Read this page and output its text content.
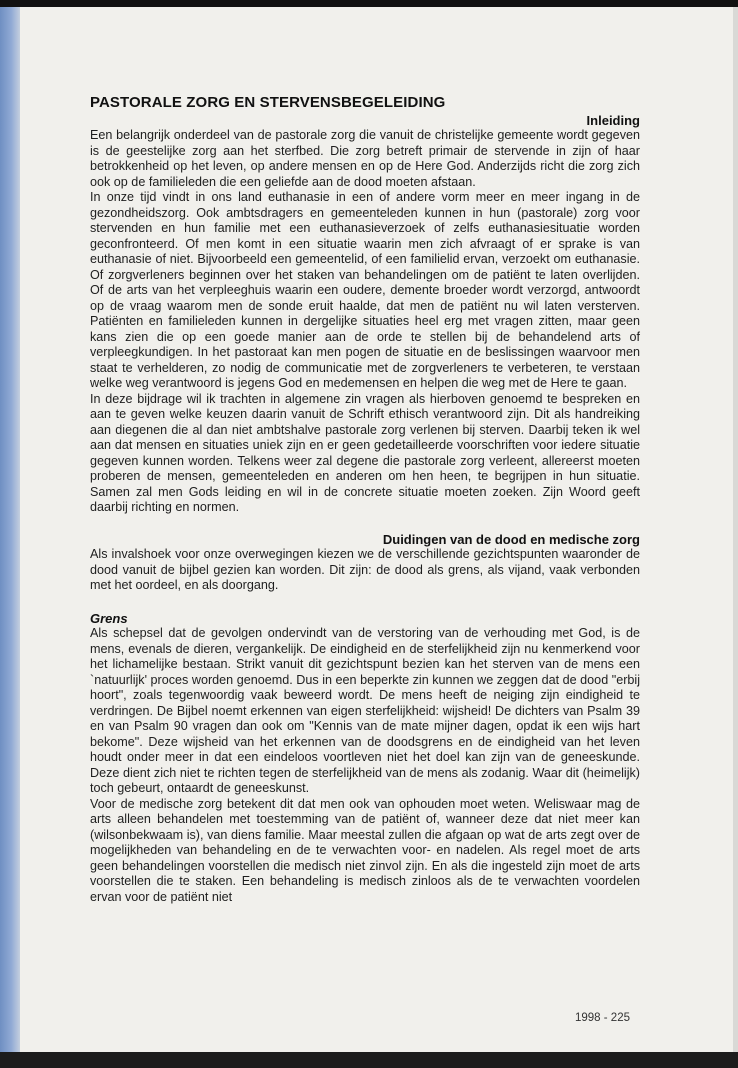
PASTORALE ZORG EN STERVENSBEGELEIDING
Inleiding

Een belangrijk onderdeel van de pastorale zorg die vanuit de christelijke gemeente wordt gegeven is de geestelijke zorg aan het sterfbed. Die zorg betreft primair de stervende in zijn of haar betrokkenheid op het leven, op andere mensen en op de Here God. Anderzijds richt die zorg zich ook op de familieleden die een geliefde aan de dood moeten afstaan.

In onze tijd vindt in ons land euthanasie in een of andere vorm meer en meer ingang in de gezondheidszorg. Ook ambtsdragers en gemeenteleden kunnen in hun (pastorale) zorg voor stervenden en hun familie met een euthanasieverzoek of zelfs euthanasiesituatie worden geconfronteerd. Of men komt in een situatie waarin men zich afvraagt of er sprake is van euthanasie of niet. Bijvoorbeeld een gemeentelid, of een familielid ervan, verzoekt om euthanasie. Of zorgverleners beginnen over het staken van behandelingen om de patiënt te laten overlijden. Of de arts van het verpleeghuis waarin een oudere, demente broeder wordt verzorgd, antwoordt op de vraag waarom men de sonde eruit haalde, dat men de patiënt nu wil laten versterven. Patiënten en familieleden kunnen in dergelijke situaties heel erg met vragen zitten, maar geen kans zien die op een goede manier aan de orde te stellen bij de behandelend arts of verpleegkundigen. In het pastoraat kan men pogen de situatie en de beslissingen waarvoor men staat te verhelderen, zo nodig de communicatie met de zorgverleners te verbeteren, te verstaan welke weg verantwoord is jegens God en medemensen en helpen die weg met de Here te gaan.

In deze bijdrage wil ik trachten in algemene zin vragen als hierboven genoemd te bespreken en aan te geven welke keuzen daarin vanuit de Schrift ethisch verantwoord zijn. Dit als handreiking aan diegenen die al dan niet ambtshalve pastorale zorg verlenen bij sterven. Daarbij teken ik wel aan dat mensen en situaties uniek zijn en er geen gedetailleerde voorschriften voor iedere situatie gegeven kunnen worden. Telkens weer zal degene die pastorale zorg verleent, allereerst moeten proberen de mensen, gemeenteleden en anderen om hen heen, te begrijpen in hun situatie. Samen zal men Gods leiding en wil in de concrete situatie moeten zoeken. Zijn Woord geeft daarbij richting en normen.

Duidingen van de dood en medische zorg

Als invalshoek voor onze overwegingen kiezen we de verschillende gezichtspunten waaronder de dood vanuit de bijbel gezien kan worden. Dit zijn: de dood als grens, als vijand, vaak verbonden met het oordeel, en als doorgang.

Grens

Als schepsel dat de gevolgen ondervindt van de verstoring van de verhouding met God, is de mens, evenals de dieren, vergankelijk. De eindigheid en de sterfelijkheid zijn nu kenmerkend voor het lichamelijke bestaan. Strikt vanuit dit gezichtspunt bezien kan het sterven van de mens een `natuurlijk' proces worden genoemd. Dus in een beperkte zin kunnen we zeggen dat de dood "erbij hoort", zoals tegenwoordig vaak beweerd wordt. De mens heeft de neiging zijn eindigheid te verdringen. De Bijbel noemt erkennen van eigen sterfelijkheid: wijsheid! De dichters van Psalm 39 en van Psalm 90 vragen dan ook om "Kennis van de mate mijner dagen, opdat ik een wijs hart bekome". Deze wijsheid van het erkennen van de doodsgrens en de eindigheid van het leven houdt onder meer in dat een eindeloos voortleven niet het doel kan zijn van de geneeskunde. Deze dient zich niet te richten tegen de sterfelijkheid van de mens als zodanig. Waar dit (heimelijk) toch gebeurt, ontaardt de geneeskunst.

Voor de medische zorg betekent dit dat men ook van ophouden moet weten. Weliswaar mag de arts alleen behandelen met toestemming van de patiënt of, wanneer deze dat niet meer kan (wilsonbekwaam is), van diens familie. Maar meestal zullen die afgaan op wat de arts zegt over de mogelijkheden van behandeling en de te verwachten voor- en nadelen. Als regel moet de arts geen behandelingen voorstellen die medisch niet zinvol zijn. En als die ingesteld zijn moet de arts voorstellen die te staken. Een behandeling is medisch zinloos als de te verwachten voordelen ervan voor de patiënt niet

1998 - 225
